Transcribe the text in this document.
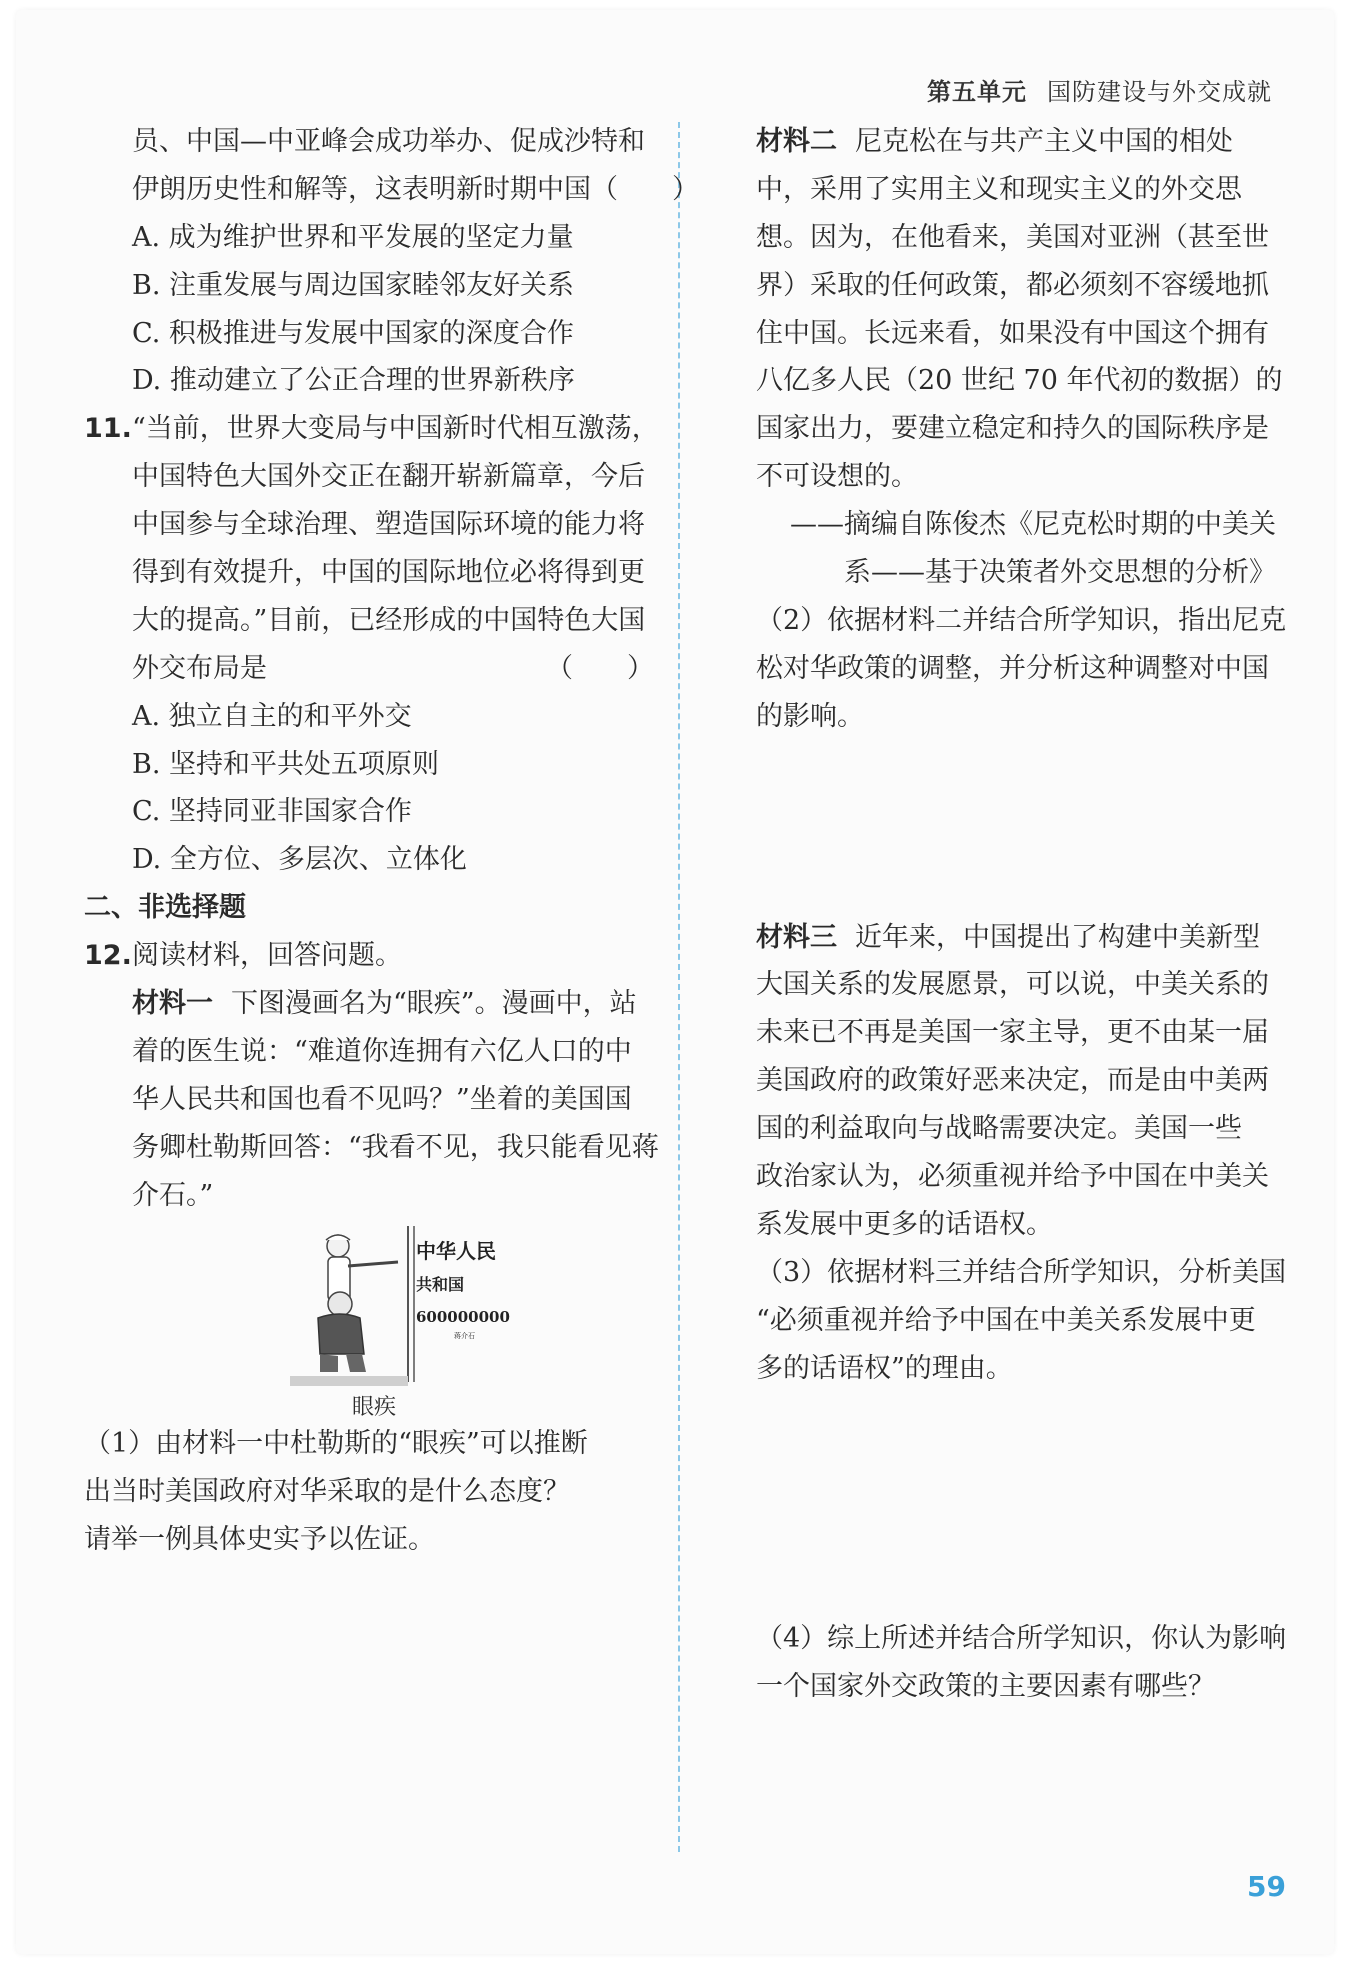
第五单元 国防建设与外交成就
员、中国—中亚峰会成功举办、促成沙特和
伊朗历史性和解等，这表明新时期中国（　　）
A. 成为维护世界和平发展的坚定力量
B. 注重发展与周边国家睦邻友好关系
C. 积极推进与发展中国家的深度合作
D. 推动建立了公正合理的世界新秩序
11.“当前，世界大变局与中国新时代相互激荡，
中国特色大国外交正在翻开崭新篇章，今后
中国参与全球治理、塑造国际环境的能力将
得到有效提升，中国的国际地位必将得到更
大的提高。”目前，已经形成的中国特色大国
外交布局是	（　　）
A. 独立自主的和平外交
B. 坚持和平共处五项原则
C. 坚持同亚非国家合作
D. 全方位、多层次、立体化
二、非选择题
12.阅读材料，回答问题。
材料一 下图漫画名为“眼疾”。漫画中，站
着的医生说：“难道你连拥有六亿人口的中
华人民共和国也看不见吗？”坐着的美国国
务卿杜勒斯回答：“我看不见，我只能看见蒋
介石。”
中华人民
共和国
600000000
蒋介石
眼疾
（1）由材料一中杜勒斯的“眼疾”可以推断
出当时美国政府对华采取的是什么态度？
请举一例具体史实予以佐证。
材料二 尼克松在与共产主义中国的相处
中，采用了实用主义和现实主义的外交思
想。因为，在他看来，美国对亚洲（甚至世
界）采取的任何政策，都必须刻不容缓地抓
住中国。长远来看，如果没有中国这个拥有
八亿多人民（20 世纪 70 年代初的数据）的
国家出力，要建立稳定和持久的国际秩序是
不可设想的。
——摘编自陈俊杰《尼克松时期的中美关
系——基于决策者外交思想的分析》
（2）依据材料二并结合所学知识，指出尼克
松对华政策的调整，并分析这种调整对中国
的影响。
材料三 近年来，中国提出了构建中美新型
大国关系的发展愿景，可以说，中美关系的
未来已不再是美国一家主导，更不由某一届
美国政府的政策好恶来决定，而是由中美两
国的利益取向与战略需要决定。美国一些
政治家认为，必须重视并给予中国在中美关
系发展中更多的话语权。
（3）依据材料三并结合所学知识，分析美国
“必须重视并给予中国在中美关系发展中更
多的话语权”的理由。
（4）综上所述并结合所学知识，你认为影响
一个国家外交政策的主要因素有哪些？
59
